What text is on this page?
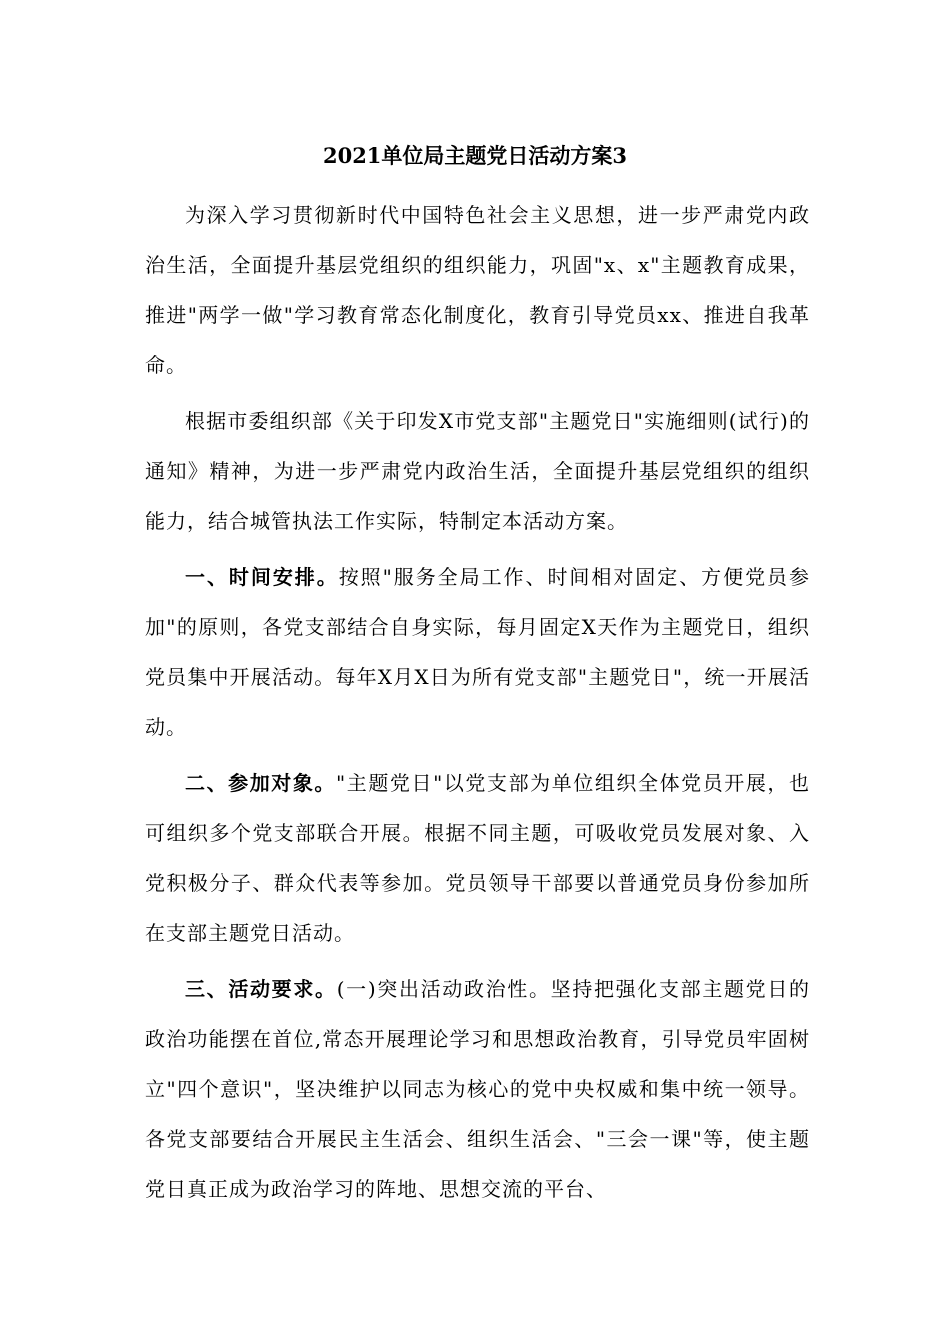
2021单位局主题党日活动方案3

为深入学习贯彻新时代中国特色社会主义思想，进一步严肃党内政治生活，全面提升基层党组织的组织能力，巩固"x、x"主题教育成果，推进"两学一做"学习教育常态化制度化，教育引导党员xx、推进自我革命。

根据市委组织部《关于印发X市党支部"主题党日"实施细则(试行)的通知》精神，为进一步严肃党内政治生活，全面提升基层党组织的组织能力，结合城管执法工作实际，特制定本活动方案。

一、时间安排。按照"服务全局工作、时间相对固定、方便党员参加"的原则，各党支部结合自身实际，每月固定X天作为主题党日，组织党员集中开展活动。每年X月X日为所有党支部"主题党日"，统一开展活动。

二、参加对象。"主题党日"以党支部为单位组织全体党员开展，也可组织多个党支部联合开展。根据不同主题，可吸收党员发展对象、入党积极分子、群众代表等参加。党员领导干部要以普通党员身份参加所在支部主题党日活动。

三、活动要求。(一)突出活动政治性。坚持把强化支部主题党日的政治功能摆在首位,常态开展理论学习和思想政治教育，引导党员牢固树立"四个意识"，坚决维护以同志为核心的党中央权威和集中统一领导。各党支部要结合开展民主生活会、组织生活会、"三会一课"等，使主题党日真正成为政治学习的阵地、思想交流的平台、
